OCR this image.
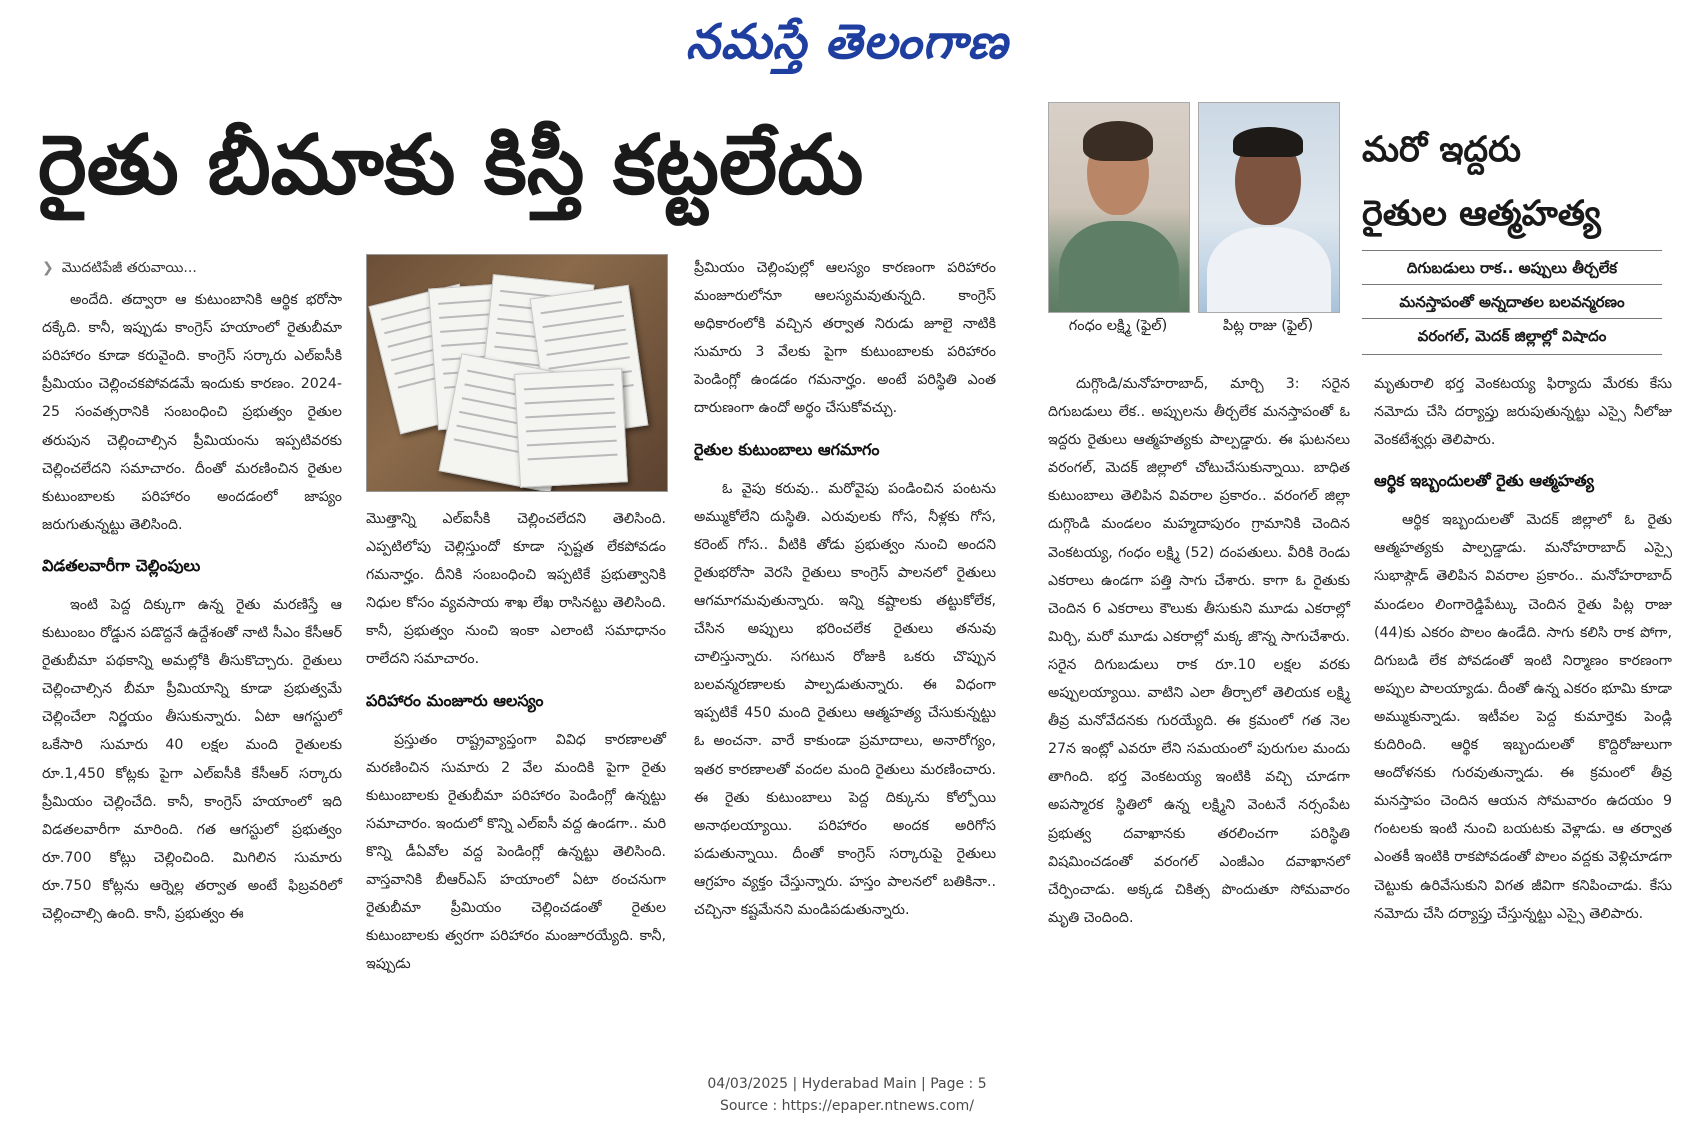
నమస్తే తెలంగాణ
రైతు బీమాకు కిస్తీ కట్టలేదు
❯ మొదటిపేజీ తరువాయి...

అందేది. తద్వారా ఆ కుటుంబానికి ఆర్థిక భరోసా దక్కేది. కానీ, ఇప్పుడు కాంగ్రెస్ హయాంలో రైతుబీమా పరిహారం కూడా కరువైంది. కాంగ్రెస్ సర్కారు ఎల్ఐసీకి ప్రీమియం చెల్లించకపోవడమే ఇందుకు కారణం. 2024-25 సంవత్సరానికి సంబంధించి ప్రభుత్వం రైతుల తరుపున చెల్లించాల్సిన ప్రీమియంను ఇప్పటివరకు చెల్లించలేదని సమాచారం. దీంతో మరణించిన రైతుల కుటుంబాలకు పరిహారం అందడంలో జాప్యం జరుగుతున్నట్టు తెలిసింది.

విడతలవారీగా చెల్లింపులు

ఇంటి పెద్ద దిక్కుగా ఉన్న రైతు మరణిస్తే ఆ కుటుంబం రోడ్డున పడొద్దనే ఉద్దేశంతో నాటి సీఎం కేసీఆర్ రైతుబీమా పథకాన్ని అమల్లోకి తీసుకొచ్చారు. రైతులు చెల్లించాల్సిన బీమా ప్రీమియాన్ని కూడా ప్రభుత్వమే చెల్లించేలా నిర్ణయం తీసుకున్నారు. ఏటా ఆగస్టులో ఒకేసారి సుమారు 40 లక్షల మంది రైతులకు రూ.1,450 కోట్లకు పైగా ఎల్ఐసీకి కేసీఆర్ సర్కారు ప్రీమియం చెల్లించేది. కానీ, కాంగ్రెస్ హయాంలో ఇది విడతలవారీగా మారింది. గత ఆగస్టులో ప్రభుత్వం రూ.700 కోట్లు చెల్లించింది. మిగిలిన సుమారు రూ.750 కోట్లను ఆర్నెల్ల తర్వాత అంటే ఫిబ్రవరిలో చెల్లించాల్సి ఉంది. కానీ, ప్రభుత్వం ఈ

మొత్తాన్ని ఎల్ఐసీకి చెల్లించలేదని తెలిసింది. ఎప్పటిలోపు చెల్లిస్తుందో కూడా స్పష్టత లేకపోవడం గమనార్హం. దీనికి సంబంధించి ఇప్పటికే ప్రభుత్వానికి నిధుల కోసం వ్యవసాయ శాఖ లేఖ రాసినట్టు తెలిసింది. కానీ, ప్రభుత్వం నుంచి ఇంకా ఎలాంటి సమాధానం రాలేదని సమాచారం.

పరిహారం మంజూరు ఆలస్యం

ప్రస్తుతం రాష్ట్రవ్యాప్తంగా వివిధ కారణాలతో మరణించిన సుమారు 2 వేల మందికి పైగా రైతు కుటుంబాలకు రైతుబీమా పరిహారం పెండింగ్లో ఉన్నట్టు సమాచారం. ఇందులో కొన్ని ఎల్ఐసీ వద్ద ఉండగా.. మరి కొన్ని డీఏవోల వద్ద పెండింగ్లో ఉన్నట్టు తెలిసింది. వాస్తవానికి బీఆర్ఎస్ హయాంలో ఏటా ఠంచనుగా రైతుబీమా ప్రీమియం చెల్లించడంతో రైతుల కుటుంబాలకు త్వరగా పరిహారం మంజూరయ్యేది. కానీ, ఇప్పుడు

ప్రీమియం చెల్లింపుల్లో ఆలస్యం కారణంగా పరిహారం మంజూరులోనూ ఆలస్యమవుతున్నది. కాంగ్రెస్ అధికారంలోకి వచ్చిన తర్వాత నిరుడు జూలై నాటికి సుమారు 3 వేలకు పైగా కుటుంబాలకు పరిహారం పెండింగ్లో ఉండడం గమనార్హం. అంటే పరిస్థితి ఎంత దారుణంగా ఉందో అర్థం చేసుకోవచ్చు.

రైతుల కుటుంబాలు ఆగమాగం

ఓ వైపు కరువు.. మరోవైపు పండించిన పంటను అమ్ముకోలేని దుస్థితి. ఎరువులకు గోస, నీళ్లకు గోస, కరెంట్ గోస.. వీటికి తోడు ప్రభుత్వం నుంచి అందని రైతుభరోసా వెరసి రైతులు కాంగ్రెస్ పాలనలో రైతులు ఆగమాగమవుతున్నారు. ఇన్ని కష్టాలకు తట్టుకోలేక, చేసిన అప్పులు భరించలేక రైతులు తనువు చాలిస్తున్నారు. సగటున రోజుకి ఒకరు చొప్పున బలవన్మరణాలకు పాల్పడుతున్నారు. ఈ విధంగా ఇప్పటికే 450 మంది రైతులు ఆత్మహత్య చేసుకున్నట్టు ఓ అంచనా. వారే కాకుండా ప్రమాదాలు, అనారోగ్యం, ఇతర కారణాలతో వందల మంది రైతులు మరణించారు. ఈ రైతు కుటుంబాలు పెద్ద దిక్కును కోల్పోయి అనాథలయ్యాయి. పరిహారం అందక అరిగోస పడుతున్నాయి. దీంతో కాంగ్రెస్ సర్కారుపై రైతులు ఆగ్రహం వ్యక్తం చేస్తున్నారు. హస్తం పాలనలో బతికినా.. చచ్చినా కష్టమేనని మండిపడుతున్నారు.

గంధం లక్ష్మి (ఫైల్)	పిట్ల రాజు (ఫైల్)
మరో ఇద్దరు
రైతుల ఆత్మహత్య
దిగుబడులు రాక.. అప్పులు తీర్చలేక
మనస్తాపంతో అన్నదాతల బలవన్మరణం
వరంగల్, మెదక్ జిల్లాల్లో విషాదం

దుగ్గొండి/మనోహరాబాద్, మార్చి 3: సరైన దిగుబడులు లేక.. అప్పులను తీర్చలేక మనస్తాపంతో ఓ ఇద్దరు రైతులు ఆత్మహత్యకు పాల్పడ్డారు. ఈ ఘటనలు వరంగల్, మెదక్ జిల్లాలో చోటుచేసుకున్నాయి. బాధిత కుటుంబాలు తెలిపిన వివరాల ప్రకారం.. వరంగల్ జిల్లా దుగ్గొండి మండలం మహ్మదాపురం గ్రామానికి చెందిన వెంకటయ్య, గంధం లక్ష్మి (52) దంపతులు. వీరికి రెండు ఎకరాలు ఉండగా పత్తి సాగు చేశారు. కాగా ఓ రైతుకు చెందిన 6 ఎకరాలు కౌలుకు తీసుకుని మూడు ఎకరాల్లో మిర్చి, మరో మూడు ఎకరాల్లో మక్క జొన్న సాగుచేశారు. సరైన దిగుబడులు రాక రూ.10 లక్షల వరకు అప్పులయ్యాయి. వాటిని ఎలా తీర్చాలో తెలియక లక్ష్మి తీవ్ర మనోవేదనకు గురయ్యేది. ఈ క్రమంలో గత నెల 27న ఇంట్లో ఎవరూ లేని సమయంలో పురుగుల మందు తాగింది. భర్త వెంకటయ్య ఇంటికి వచ్చి చూడగా అపస్మారక స్థితిలో ఉన్న లక్ష్మిని వెంటనే నర్సంపేట ప్రభుత్వ దవాఖానకు తరలించగా పరిస్థితి విషమించడంతో వరంగల్ ఎంజీఎం దవాఖానలో చేర్పించాడు. అక్కడ చికిత్స పొందుతూ సోమవారం మృతి చెందింది.

మృతురాలి భర్త వెంకటయ్య ఫిర్యాదు మేరకు కేసు నమోదు చేసి దర్యాప్తు జరుపుతున్నట్టు ఎస్సై నీలోజు వెంకటేశ్వర్లు తెలిపారు.

ఆర్థిక ఇబ్బందులతో రైతు ఆత్మహత్య

ఆర్థిక ఇబ్బందులతో మెదక్ జిల్లాలో ఓ రైతు ఆత్మహత్యకు పాల్పడ్డాడు. మనోహరాబాద్ ఎస్సై సుభాష్గౌడ్ తెలిపిన వివరాల ప్రకారం.. మనోహరాబాద్ మండలం లింగారెడ్డిపేట్కు చెందిన రైతు పిట్ల రాజు (44)కు ఎకరం పొలం ఉండేది. సాగు కలిసి రాక పోగా, దిగుబడి లేక పోవడంతో ఇంటి నిర్మాణం కారణంగా అప్పుల పాలయ్యాడు. దీంతో ఉన్న ఎకరం భూమి కూడా అమ్ముకున్నాడు. ఇటీవల పెద్ద కుమార్తెకు పెండ్లి కుదిరింది. ఆర్థిక ఇబ్బందులతో కొద్దిరోజులుగా ఆందోళనకు గురవుతున్నాడు. ఈ క్రమంలో తీవ్ర మనస్తాపం చెందిన ఆయన సోమవారం ఉదయం 9 గంటలకు ఇంటి నుంచి బయటకు వెళ్లాడు. ఆ తర్వాత ఎంతకీ ఇంటికి రాకపోవడంతో పొలం వద్దకు వెళ్లిచూడగా చెట్టుకు ఉరివేసుకుని విగత జీవిగా కనిపించాడు. కేసు నమోదు చేసి దర్యాప్తు చేస్తున్నట్టు ఎస్సై తెలిపారు.

04/03/2025 | Hyderabad Main | Page : 5
Source : https://epaper.ntnews.com/
